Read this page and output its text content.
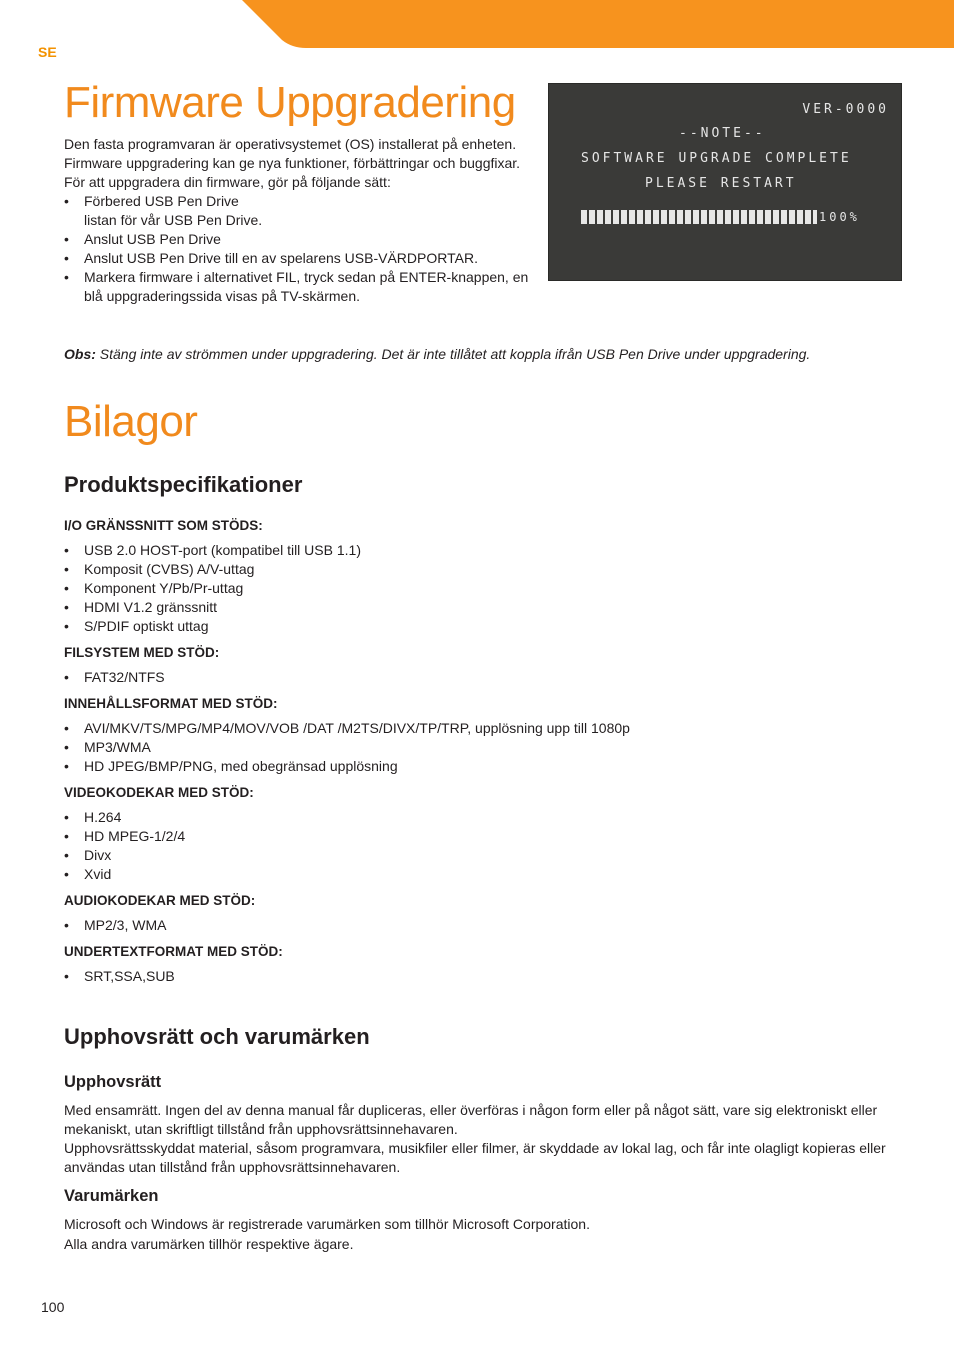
SE
Firmware Uppgradering

Den fasta programvaran är operativsystemet (OS) installerat på enheten. Firmware uppgradering kan ge nya funktioner, förbättringar och buggfixar.

För att uppgradera din firmware, gör på följande sätt:

• Förbered USB Pen Drive
listan för vår USB Pen Drive.
• Anslut USB Pen Drive
• Anslut USB Pen Drive till en av spelarens USB-VÄRDPORTAR.
• Markera firmware i alternativet FIL, tryck sedan på ENTER-knappen, en blå uppgraderingssida visas på TV-skärmen.
VER-0000
--NOTE--
SOFTWARE UPGRADE COMPLETE
PLEASE RESTART
100%
Obs: Stäng inte av strömmen under uppgradering. Det är inte tillåtet att koppla ifrån USB Pen Drive under uppgradering.
Bilagor
Produktspecifikationer

I/O GRÄNSSNITT SOM STÖDS:

• USB 2.0 HOST-port (kompatibel till USB 1.1)
• Komposit (CVBS) A/V-uttag
• Komponent Y/Pb/Pr-uttag
• HDMI V1.2 gränssnitt
• S/PDIF optiskt uttag

FILSYSTEM MED STÖD:

• FAT32/NTFS

INNEHÅLLSFORMAT MED STÖD:

• AVI/MKV/TS/MPG/MP4/MOV/VOB /DAT /M2TS/DIVX/TP/TRP, upplösning upp till 1080p
• MP3/WMA
• HD JPEG/BMP/PNG, med obegränsad upplösning

VIDEOKODEKAR MED STÖD:

• H.264
• HD MPEG-1/2/4
• Divx
• Xvid

AUDIOKODEKAR MED STÖD:

• MP2/3, WMA

UNDERTEXTFORMAT MED STÖD:

• SRT,SSA,SUB
Upphovsrätt och varumärken
Upphovsrätt

Med ensamrätt. Ingen del av denna manual får dupliceras, eller överföras i någon form eller på något sätt, vare sig elektroniskt eller mekaniskt, utan skriftligt tillstånd från upphovsrättsinnehavaren.

Upphovsrättsskyddat material, såsom programvara, musikfiler eller filmer, är skyddade av lokal lag, och får inte olagligt kopieras eller användas utan tillstånd från upphovsrättsinnehavaren.

Varumärken

Microsoft och Windows är registrerade varumärken som tillhör Microsoft Corporation.

Alla andra varumärken tillhör respektive ägare.

100
